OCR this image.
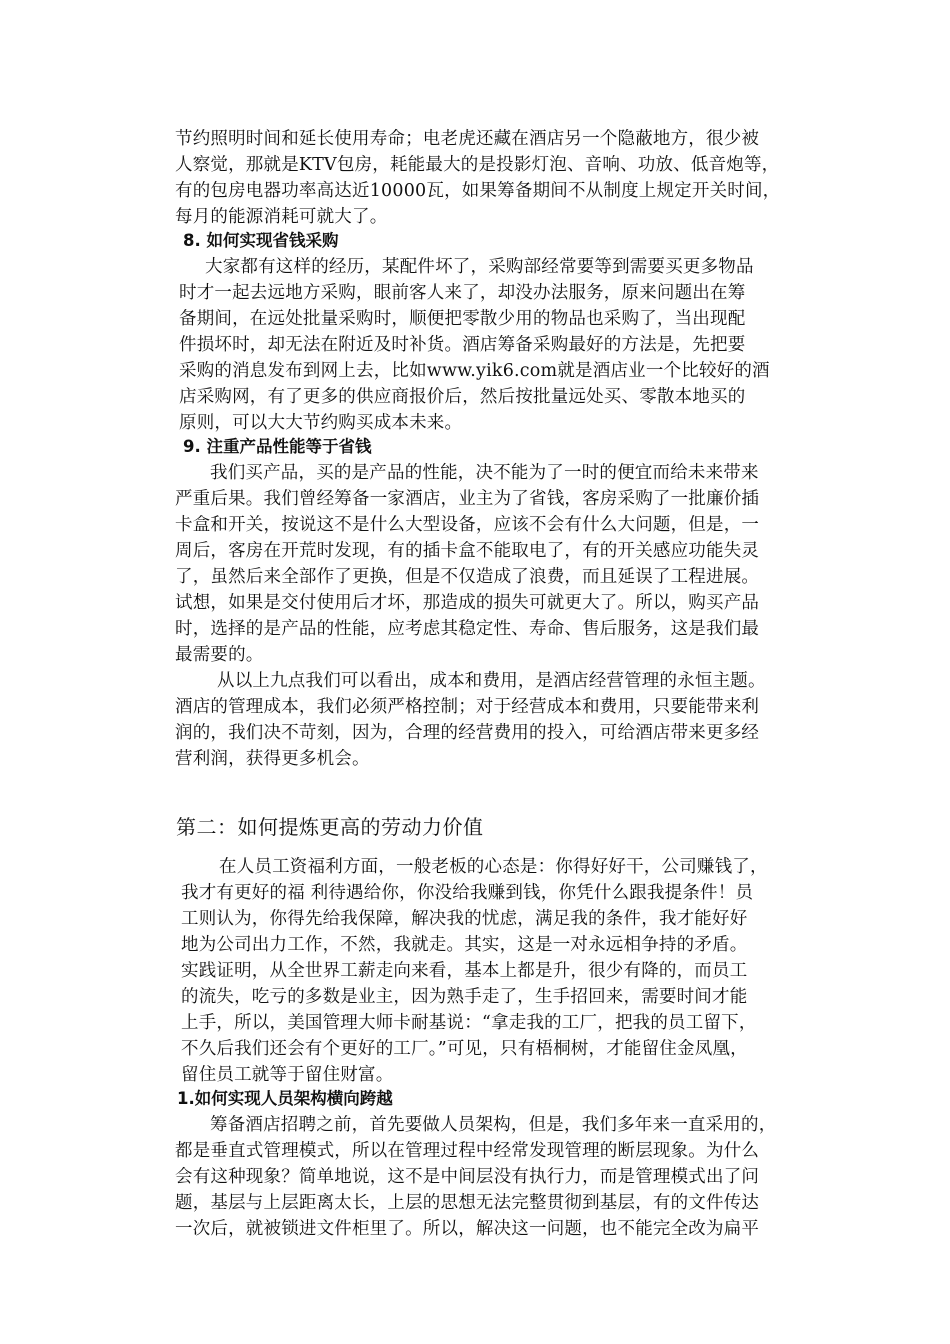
节约照明时间和延长使用寿命；电老虎还藏在酒店另一个隐蔽地方，很少被
人察觉，那就是KTV包房，耗能最大的是投影灯泡、音响、功放、低音炮等，
有的包房电器功率高达近10000瓦，如果筹备期间不从制度上规定开关时间，
每月的能源消耗可就大了。
8. 如何实现省钱采购
大家都有这样的经历，某配件坏了，采购部经常要等到需要买更多物品
时才一起去远地方采购，眼前客人来了，却没办法服务，原来问题出在筹
备期间，在远处批量采购时，顺便把零散少用的物品也采购了，当出现配
件损坏时，却无法在附近及时补货。酒店筹备采购最好的方法是，先把要
采购的消息发布到网上去，比如www.yik6.com就是酒店业一个比较好的酒
店采购网，有了更多的供应商报价后，然后按批量远处买、零散本地买的
原则，可以大大节约购买成本未来。
9. 注重产品性能等于省钱
我们买产品，买的是产品的性能，决不能为了一时的便宜而给未来带来
严重后果。我们曾经筹备一家酒店，业主为了省钱，客房采购了一批廉价插
卡盒和开关，按说这不是什么大型设备，应该不会有什么大问题，但是，一
周后，客房在开荒时发现，有的插卡盒不能取电了，有的开关感应功能失灵
了，虽然后来全部作了更换，但是不仅造成了浪费，而且延误了工程进展。
试想，如果是交付使用后才坏，那造成的损失可就更大了。所以，购买产品
时，选择的是产品的性能，应考虑其稳定性、寿命、售后服务，这是我们最
最需要的。
从以上九点我们可以看出，成本和费用，是酒店经营管理的永恒主题。
酒店的管理成本，我们必须严格控制；对于经营成本和费用，只要能带来利
润的，我们决不苛刻，因为，合理的经营费用的投入，可给酒店带来更多经
营利润，获得更多机会。
第二：如何提炼更高的劳动力价值
在人员工资福利方面，一般老板的心态是：你得好好干，公司赚钱了，
我才有更好的福 利待遇给你，你没给我赚到钱，你凭什么跟我提条件！员
工则认为，你得先给我保障，解决我的忧虑，满足我的条件，我才能好好
地为公司出力工作，不然，我就走。其实，这是一对永远相争持的矛盾。
实践证明，从全世界工薪走向来看，基本上都是升，很少有降的，而员工
的流失，吃亏的多数是业主，因为熟手走了，生手招回来，需要时间才能
上手，所以，美国管理大师卡耐基说：“拿走我的工厂，把我的员工留下，
不久后我们还会有个更好的工厂。”可见，只有梧桐树，才能留住金凤凰，
留住员工就等于留住财富。
1.如何实现人员架构横向跨越
筹备酒店招聘之前，首先要做人员架构，但是，我们多年来一直采用的，
都是垂直式管理模式，所以在管理过程中经常发现管理的断层现象。为什么
会有这种现象？简单地说，这不是中间层没有执行力，而是管理模式出了问
题，基层与上层距离太长，上层的思想无法完整贯彻到基层，有的文件传达
一次后，就被锁进文件柜里了。所以，解决这一问题，也不能完全改为扁平
